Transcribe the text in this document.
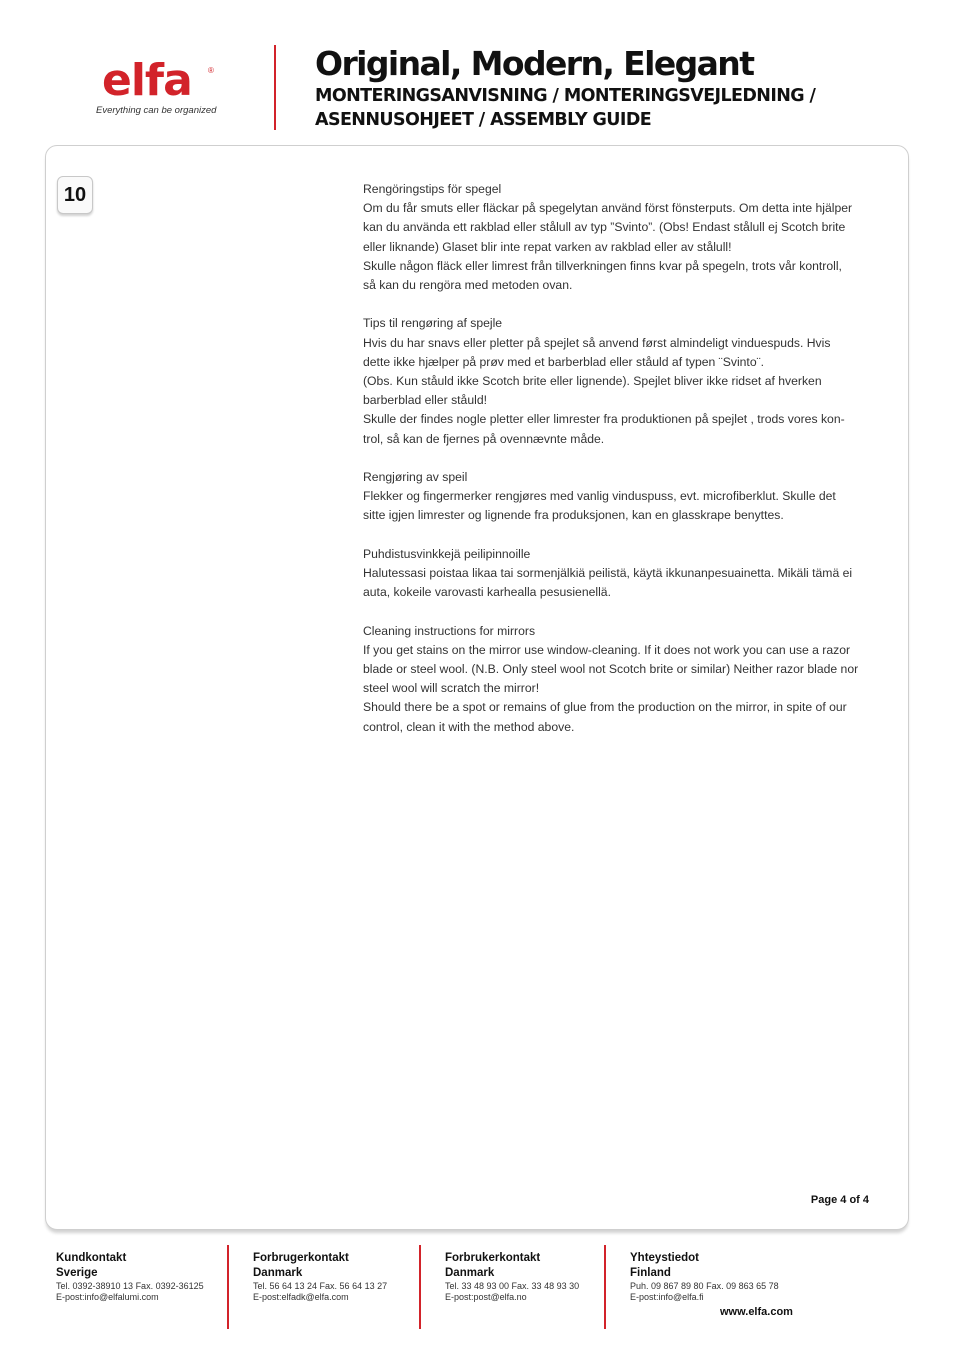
elfa ®
Everything can be organized
Original, Modern, Elegant
MONTERINGSANVISNING / MONTERINGSVEJLEDNING /
ASENNUSOHJEET / ASSEMBLY GUIDE
10	Rengöringstips för spegel

Om du får smuts eller fläckar på spegelytan använd först fönsterputs. Om detta inte hjälper

kan du använda ett rakblad eller stålull av typ ”Svinto”. (Obs! Endast stålull ej Scotch brite

eller liknande) Glaset blir inte repat varken av rakblad eller av stålull!

Skulle någon fläck eller limrest från tillverkningen finns kvar på spegeln, trots vår kontroll,

så kan du rengöra med metoden ovan.

Tips til rengøring af spejle

Hvis du har snavs eller pletter på spejlet så anvend først almindeligt vinduespuds. Hvis

dette ikke hjælper på prøv med et barberblad eller ståuld af typen ¨Svinto¨.

(Obs. Kun ståuld ikke Scotch brite eller lignende). Spejlet bliver ikke ridset af hverken

barberblad eller ståuld!

Skulle der findes nogle pletter eller limrester fra produktionen på spejlet , trods vores kon-

trol, så kan de fjernes på ovennævnte måde.

Rengjøring av speil

Flekker og fingermerker rengjøres med vanlig vinduspuss, evt. microfiberklut. Skulle det

sitte igjen limrester og lignende fra produksjonen, kan en glasskrape benyttes.

Puhdistusvinkkejä peilipinnoille

Halutessasi poistaa likaa tai sormenjälkiä peilistä, käytä ikkunanpesuainetta. Mikäli tämä ei

auta, kokeile varovasti karhealla pesusienellä.

Cleaning instructions for mirrors

If you get stains on the mirror use window-cleaning. If it does not work you can use a razor

blade or steel wool. (N.B. Only steel wool not Scotch brite or similar) Neither razor blade nor

steel wool will scratch the mirror!

Should there be a spot or remains of glue from the production on the mirror, in spite of our

control, clean it with the method above.

Page 4 of 4
Kundkontakt
Sverige
Tel. 0392-38910 13 Fax. 0392-36125
E-post:info@elfalumi.com
Forbrugerkontakt
Danmark
Tel. 56 64 13 24 Fax. 56 64 13 27
E-post:elfadk@elfa.com
Forbrukerkontakt
Danmark
Tel. 33 48 93 00 Fax. 33 48 93 30
E-post:post@elfa.no
Yhteystiedot
Finland
Puh. 09 867 89 80 Fax. 09 863 65 78
E-post:info@elfa.fi
www.elfa.com
